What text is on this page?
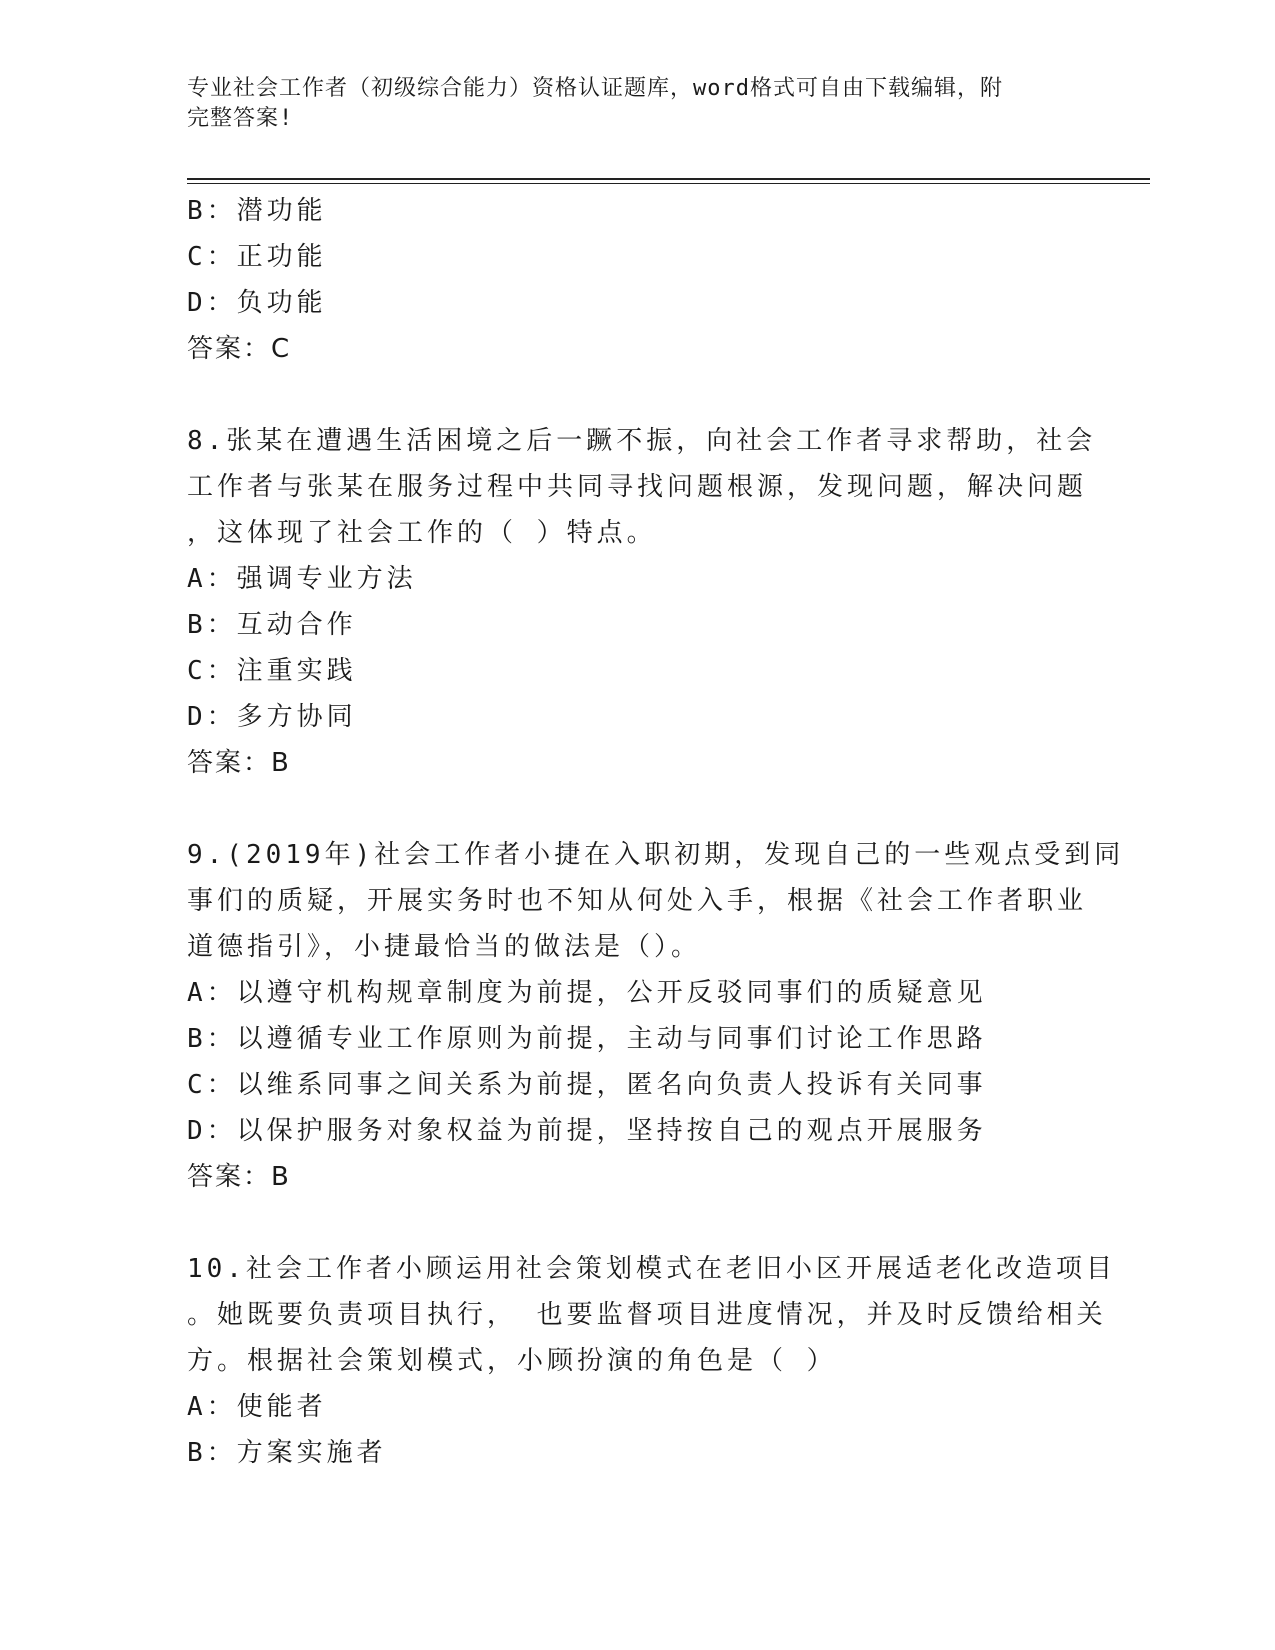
专业社会工作者（初级综合能力）资格认证题库，word格式可自由下载编辑，附
完整答案!
B：潜功能
C：正功能
D：负功能
答案：C
8.张某在遭遇生活困境之后一蹶不振，向社会工作者寻求帮助，社会
工作者与张某在服务过程中共同寻找问题根源，发现问题，解决问题
，这体现了社会工作的（ ）特点。
A：强调专业方法
B：互动合作
C：注重实践
D：多方协同
答案：B
9.(2019年)社会工作者小捷在入职初期，发现自己的一些观点受到同
事们的质疑，开展实务时也不知从何处入手，根据《社会工作者职业
道德指引》，小捷最恰当的做法是（）。
A：以遵守机构规章制度为前提，公开反驳同事们的质疑意见
B：以遵循专业工作原则为前提，主动与同事们讨论工作思路
C：以维系同事之间关系为前提，匿名向负责人投诉有关同事
D：以保护服务对象权益为前提，坚持按自己的观点开展服务
答案：B
10.社会工作者小顾运用社会策划模式在老旧小区开展适老化改造项目
。她既要负责项目执行， 也要监督项目进度情况，并及时反馈给相关
方。根据社会策划模式，小顾扮演的角色是（ ）
A：使能者
B：方案实施者
